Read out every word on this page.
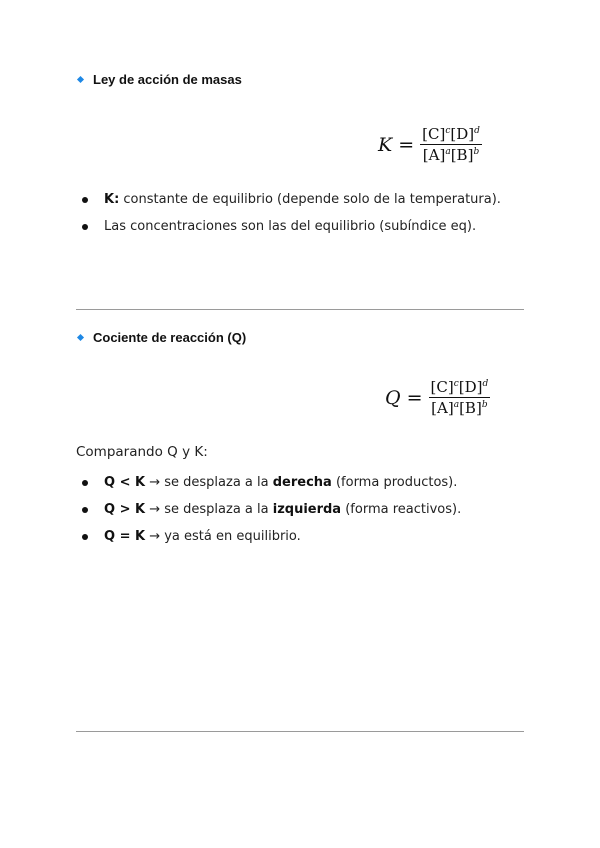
Ley de acción de masas
$K = \frac{[C]^c[D]^d}{[A]^a[B]^b}$
K: constante de equilibrio (depende solo de la temperatura).
Las concentraciones son las del equilibrio (subíndice eq).
Cociente de reacción (Q)
$Q = \frac{[C]^c[D]^d}{[A]^a[B]^b}$
Comparando Q y K:
Q < K → se desplaza a la derecha (forma productos).
Q > K → se desplaza a la izquierda (forma reactivos).
Q = K → ya está en equilibrio.
